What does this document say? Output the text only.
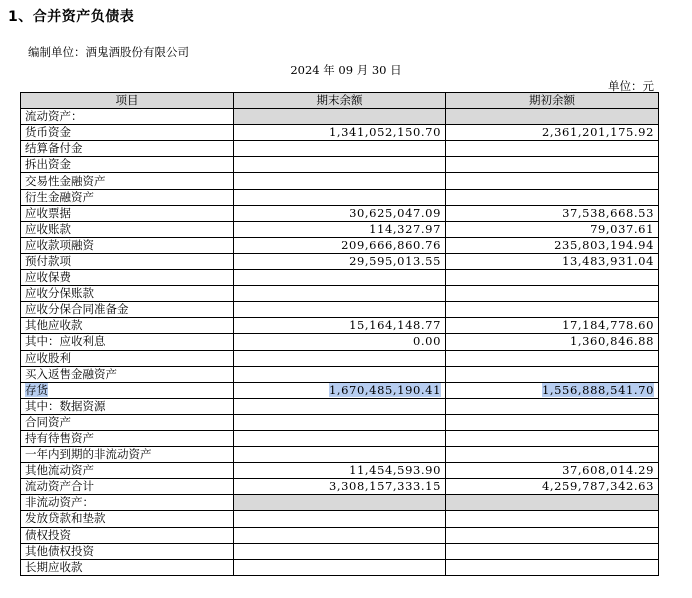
1、合并资产负债表
编制单位：酒鬼酒股份有限公司
2024 年 09 月 30 日
单位：元
项目	期末余额	期初余额
流动资产：		
货币资金	1,341,052,150.70	2,361,201,175.92
结算备付金		
拆出资金		
交易性金融资产		
衍生金融资产		
应收票据	30,625,047.09	37,538,668.53
应收账款	114,327.97	79,037.61
应收款项融资	209,666,860.76	235,803,194.94
预付款项	29,595,013.55	13,483,931.04
应收保费		
应收分保账款		
应收分保合同准备金		
其他应收款	15,164,148.77	17,184,778.60
其中：应收利息	0.00	1,360,846.88
应收股利		
买入返售金融资产		
存货	1,670,485,190.41	1,556,888,541.70
其中：数据资源		
合同资产		
持有待售资产		
一年内到期的非流动资产		
其他流动资产	11,454,593.90	37,608,014.29
流动资产合计	3,308,157,333.15	4,259,787,342.63
非流动资产：		
发放贷款和垫款		
债权投资		
其他债权投资		
长期应收款		
